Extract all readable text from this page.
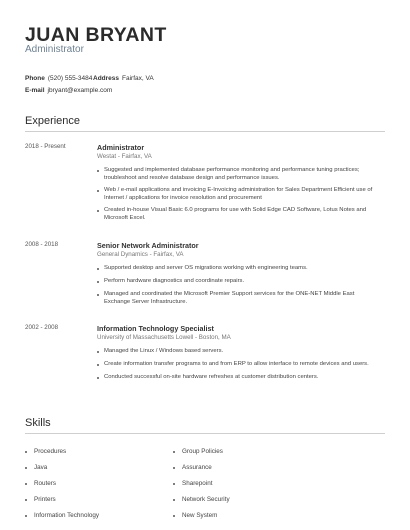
JUAN BRYANT
Administrator
Phone (520) 555-3484 Address Fairfax, VA
E-mail jbryant@example.com
Experience
2018 - Present	Administrator
Westat - Fairfax, VA
Suggested and implemented database performance monitoring and performance tuning practices; troubleshoot and resolve database design and performance issues.
Web / e-mail applications and invoicing E-Invoicing administration for Sales Department Efficient use of Internet / applications for invoice resolution and procurement
Created in-house Visual Basic 6.0 programs for use with Solid Edge CAD Software, Lotus Notes and Microsoft Excel.
2008 - 2018	Senior Network Administrator
General Dynamics - Fairfax, VA
Supported desktop and server OS migrations working with engineering teams.
Perform hardware diagnostics and coordinate repairs.
Managed and coordinated the Microsoft Premier Support services for the ONE-NET Middle East Exchange Server Infrastructure.
2002 - 2008	Information Technology Specialist
University of Massachusetts Lowell - Boston, MA
Managed the Linux / Windows based servers.
Create information transfer programs to and from ERP to allow interface to remote devices and users.
Conducted successful on-site hardware refreshes at customer distribution centers.
Skills
Procedures	Group Policies
Java	Assurance
Routers	Sharepoint
Printers	Network Security
Information Technology	New System
